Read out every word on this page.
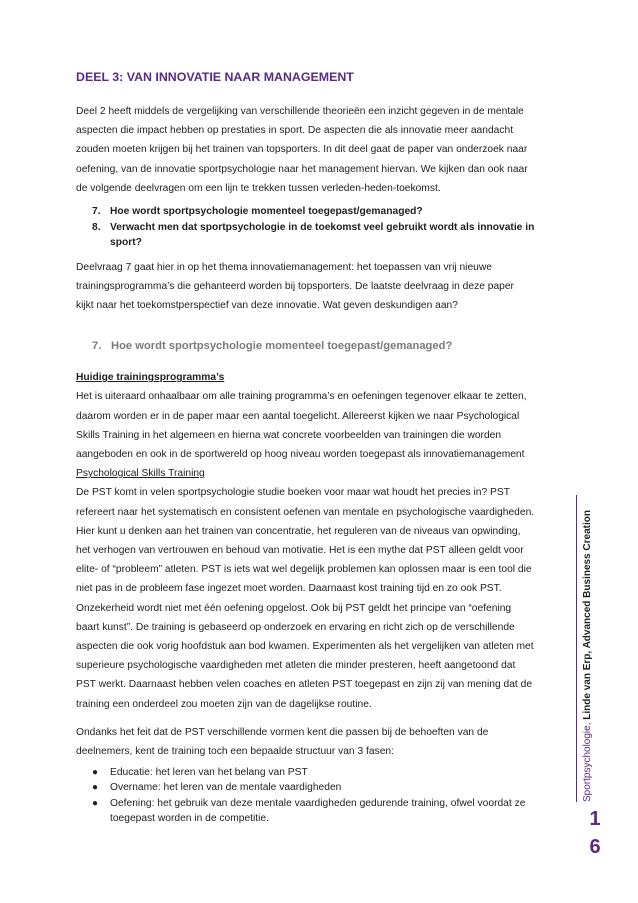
DEEL 3: VAN INNOVATIE NAAR MANAGEMENT

Deel 2 heeft middels de vergelijking van verschillende theorieën een inzicht gegeven in de mentale
aspecten die impact hebben op prestaties in sport. De aspecten die als innovatie meer aandacht
zouden moeten krijgen bij het trainen van topsporters. In dit deel gaat de paper van onderzoek naar
oefening, van de innovatie sportpsychologie naar het management hiervan. We kijken dan ook naar
de volgende deelvragen om een lijn te trekken tussen verleden-heden-toekomst.

7. Hoe wordt sportpsychologie momenteel toegepast/gemanaged?
8. Verwacht men dat sportpsychologie in de toekomst veel gebruikt wordt als innovatie in
sport?

Deelvraag 7 gaat hier in op het thema innovatiemanagement: het toepassen van vrij nieuwe
trainingsprogramma’s die gehanteerd worden bij topsporters. De laatste deelvraag in deze paper
kijkt naar het toekomstperspectief van deze innovatie. Wat geven deskundigen aan?

7. Hoe wordt sportpsychologie momenteel toegepast/gemanaged?

Huidige trainingsprogramma’s
Het is uiteraard onhaalbaar om alle training programma’s en oefeningen tegenover elkaar te zetten,
daarom worden er in de paper maar een aantal toegelicht. Allereerst kijken we naar Psychological
Skills Training in het algemeen en hierna wat concrete voorbeelden van trainingen die worden
aangeboden en ook in de sportwereld op hoog niveau worden toegepast als innovatiemanagement

Psychological Skills Training
De PST komt in velen sportpsychologie studie boeken voor maar wat houdt het precies in? PST
refereert naar het systematisch en consistent oefenen van mentale en psychologische vaardigheden.
Hier kunt u denken aan het trainen van concentratie, het reguleren van de niveaus van opwinding,
het verhogen van vertrouwen en behoud van motivatie. Het is een mythe dat PST alleen geldt voor
elite- of “probleem” atleten. PST is iets wat wel degelijk problemen kan oplossen maar is een tool die
niet pas in de probleem fase ingezet moet worden. Daarnaast kost training tijd en zo ook PST.
Onzekerheid wordt niet met één oefening opgelost. Ook bij PST geldt het principe van “oefening
baart kunst”. De training is gebaseerd op onderzoek en ervaring en richt zich op de verschillende
aspecten die ook vorig hoofdstuk aan bod kwamen. Experimenten als het vergelijken van atleten met
superieure psychologische vaardigheden met atleten die minder presteren, heeft aangetoond dat
PST werkt. Daarnaast hebben velen coaches en atleten PST toegepast en zijn zij van mening dat de
training een onderdeel zou moeten zijn van de dagelijkse routine.

Ondanks het feit dat de PST verschillende vormen kent die passen bij de behoeften van de
deelnemers, kent de training toch een bepaalde structuur van 3 fasen:

● Educatie: het leren van het belang van PST
● Overname: het leren van de mentale vaardigheden
● Oefening: het gebruik van deze mentale vaardigheden gedurende training, ofwel voordat ze
toegepast worden in de competitie.
Sportpsychologie, Linde van Erp, Advanced Business Creation
1
6
